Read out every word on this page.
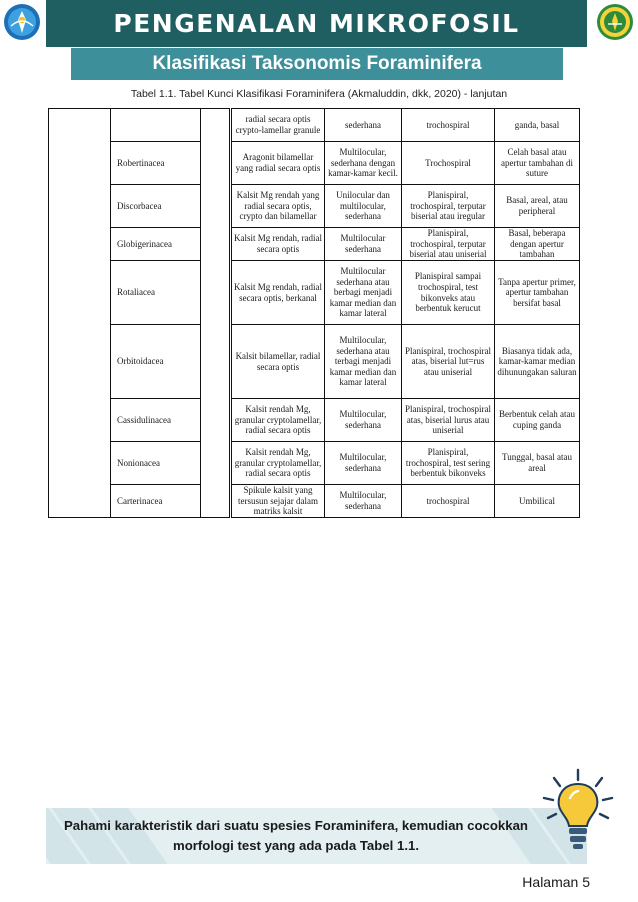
PENGENALAN MIKROFOSIL
Klasifikasi Taksonomis Foraminifera
Tabel 1.1. Tabel Kunci Klasifikasi Foraminifera (Akmaluddin, dkk, 2020) - lanjutan
			radial secara optis crypto-lamellar granule	sederhana	trochospiral	ganda, basal
	Robertinacea		Aragonit bilamellar yang radial secara optis	Multilocular, sederhana dengan kamar-kamar kecil.	Trochospiral	Celah basal atau apertur tambahan di suture
	Discorbacea		Kalsit Mg rendah yang radial secara optis, crypto dan bilamellar	Unilocular dan multilocular, sederhana	Planispiral, trochospiral, terputar biserial atau iregular	Basal, areal, atau peripheral
	Globigerinacea		Kalsit Mg rendah, radial secara optis	Multilocular sederhana	Planispiral, trochospiral, terputar biserial atau uniserial	Basal, beberapa dengan apertur tambahan
	Rotaliacea		Kalsit Mg rendah, radial secara optis, berkanal	Multilocular sederhana atau berbagi menjadi kamar median dan kamar lateral	Planispiral sampai trochospiral, test bikonveks atau berbentuk kerucut	Tanpa apertur primer, apertur tambahan bersifat basal
	Orbitoidacea		Kalsit bilamellar, radial secara optis	Multilocular, sederhana atau terbagi menjadi kamar median dan kamar lateral	Planispiral, trochospiral atas, biserial lut=rus atau uniserial	Biasanya tidak ada, kamar-kamar median dihunungakan saluran
	Cassidulinacea		Kalsit rendah Mg, granular cryptolamellar, radial secara optis	Multilocular, sederhana	Planispiral, trochospiral atas, biserial lurus atau uniserial	Berbentuk celah atau cuping ganda
	Nonionacea		Kalsit rendah Mg, granular cryptolamellar, radial secara optis	Multilocular, sederhana	Planispiral, trochospiral, test sering berbentuk bikonveks	Tunggal, basal atau areal
	Carterinacea		Spikule kalsit yang tersusun sejajar dalam matriks kalsit	Multilocular, sederhana	trochospiral	Umbilical
Pahami karakteristik dari suatu spesies Foraminifera, kemudian cocokkan morfologi test yang ada pada Tabel 1.1.
Halaman 5
